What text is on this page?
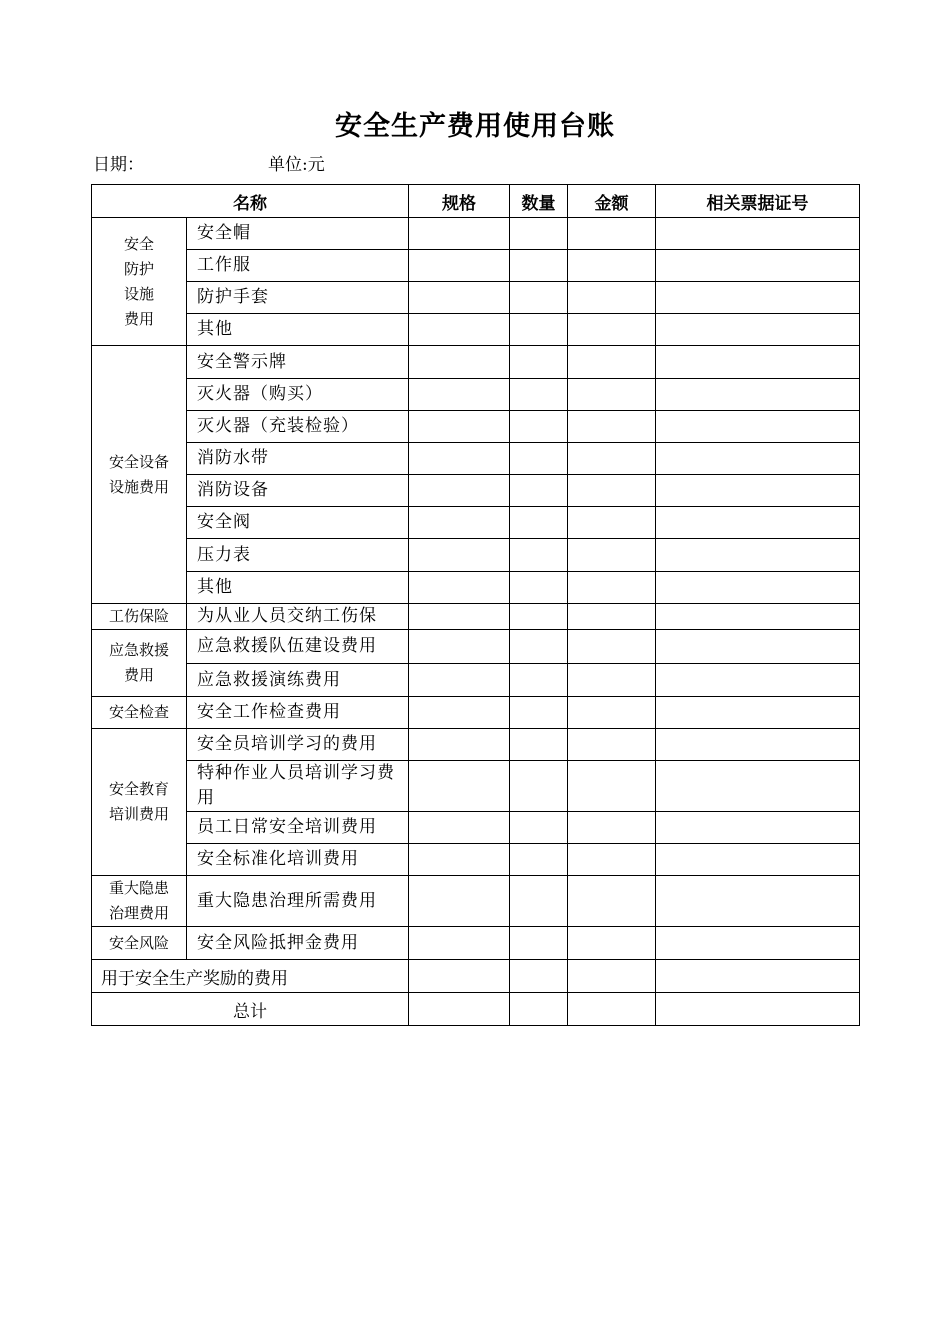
安全生产费用使用台账
日期：	单位:元
名称		规格	数量	金额	相关票据证号
安全防护设施费用	安全帽				
	工作服				
	防护手套				
	其他				
安全设备设施费用	安全警示牌				
	灭火器（购买）				
	灭火器（充装检验）				
	消防水带				
	消防设备				
	安全阀				
	压力表				
	其他				
工伤保险	为从业人员交纳工伤保				
应急救援费用	应急救援队伍建设费用				
	应急救援演练费用				
安全检查	安全工作检查费用				
安全教育培训费用	安全员培训学习的费用				
	特种作业人员培训学习费用				
	员工日常安全培训费用				
	安全标准化培训费用				
重大隐患治理费用	重大隐患治理所需费用				
安全风险	安全风险抵押金费用				
用于安全生产奖励的费用					
总计					
